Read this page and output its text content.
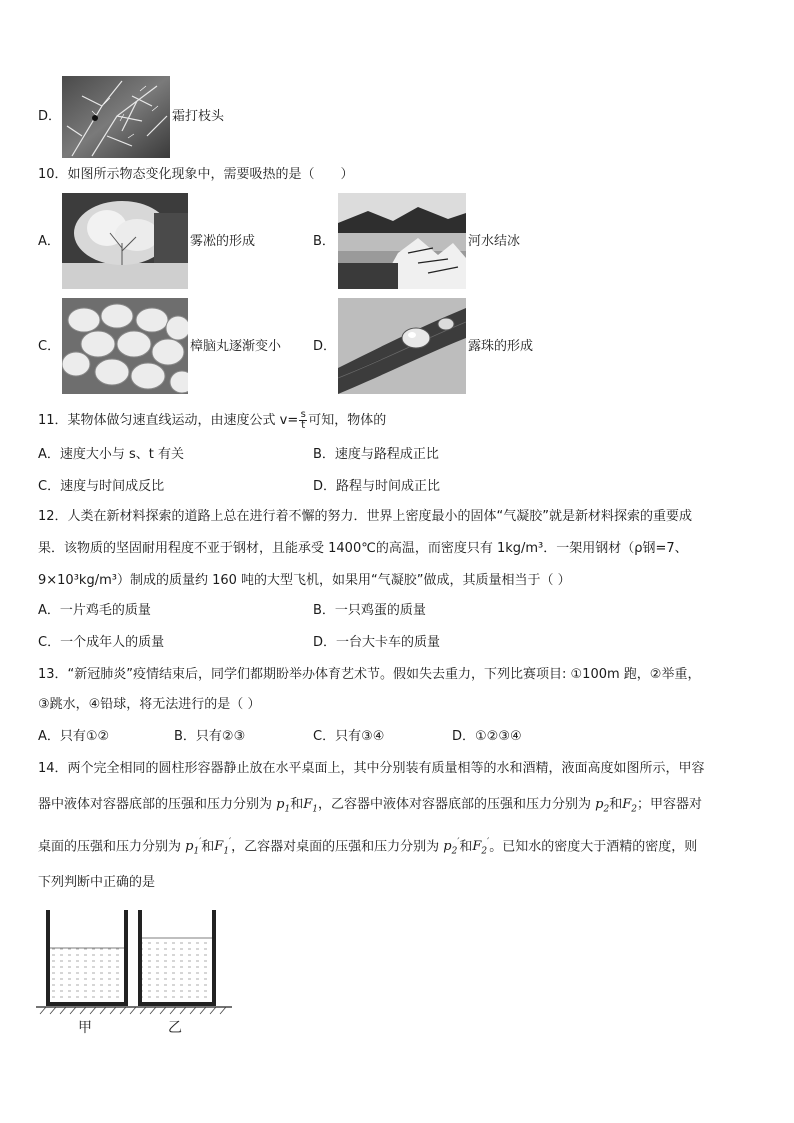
D．	霜打枝头
10．如图所示物态变化现象中，需要吸热的是（　　）
A．	雾凇的形成	B．	河水结冰
C．	樟脑丸逐渐变小 D．	露珠的形成
11．某物体做匀速直线运动，由速度公式 v= s
t 可知，物体的
A．速度大小与 s、t 有关	B．速度与路程成正比
C．速度与时间成反比	D．路程与时间成正比
12．人类在新材料探索的道路上总在进行着不懈的努力．世界上密度最小的固体“气凝胶”就是新材料探索的重要成
果．该物质的坚固耐用程度不亚于钢材，且能承受 1400℃的高温，而密度只有 1kg/m³．一架用钢材（ρ钢=7、
9×10³kg/m³）制成的质量约 160 吨的大型飞机，如果用“气凝胶”做成，其质量相当于（ ）
A．一片鸡毛的质量	B．一只鸡蛋的质量
C．一个成年人的质量	D．一台大卡车的质量
13．“新冠肺炎”疫情结束后，同学们都期盼举办体育艺术节。假如失去重力，下列比赛项目: ①100m 跑，②举重，
③跳水，④铅球，将无法进行的是（ ）
A．只有①②	B．只有②③	C．只有③④	D．①②③④
14．两个完全相同的圆柱形容器静止放在水平桌面上，其中分别装有质量相等的水和酒精，液面高度如图所示，甲容
器中液体对容器底部的压强和压力分别为 $p_1$和$F_1$，乙容器中液体对容器底部的压强和压力分别为 $p_2$和$F_2$；甲容器对
桌面的压强和压力分别为 $p_1'$和$F_1'$，乙容器对桌面的压强和压力分别为 $p_2'$和$F_2'$。已知水的密度大于酒精的密度，则
下列判断中正确的是
甲	乙
